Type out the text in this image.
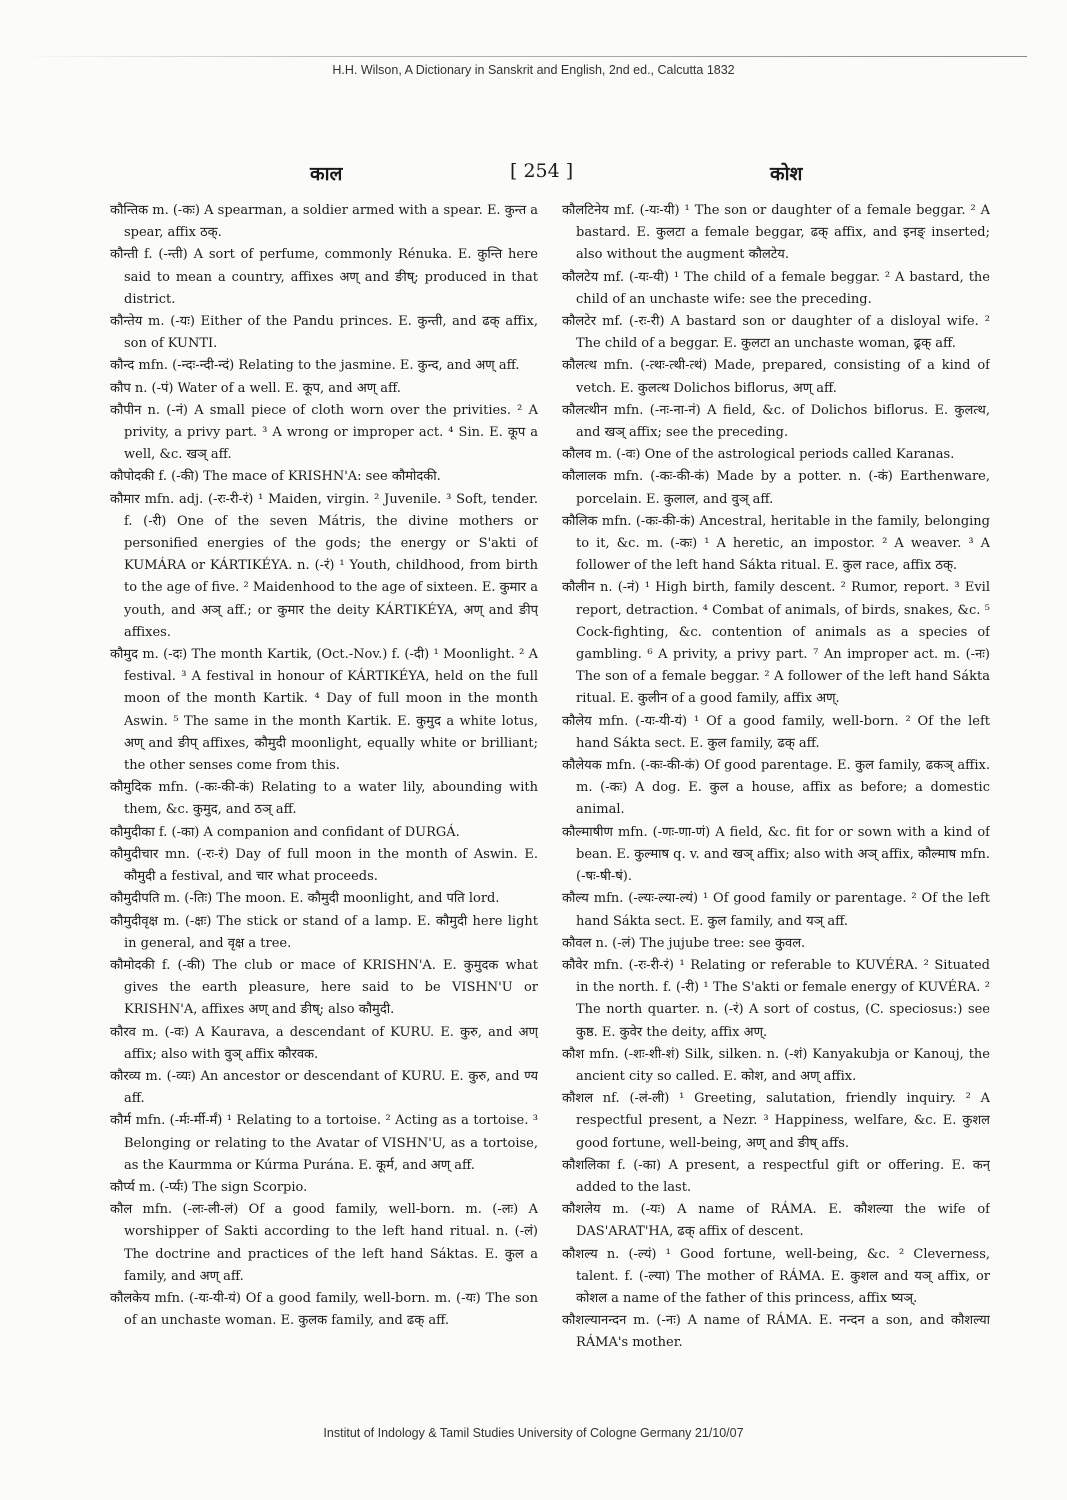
H.H. Wilson, A Dictionary in Sanskrit and English, 2nd ed., Calcutta 1832
काल	[ 254 ]	कोश

कौन्तिक m. (-कः) A spearman, a soldier armed with a spear. E. कुन्त a spear, affix ठक्.

कौन्ती f. (-न्ती) A sort of perfume, commonly Rénuka. E. कुन्ति here said to mean a country, affixes अण् and ङीष्; produced in that district.

कौन्तेय m. (-यः) Either of the Pandu princes. E. कुन्ती, and ढक् affix, son of KUNTI.

कौन्द mfn. (-न्दः-न्दी-न्दं) Relating to the jasmine. E. कुन्द, and अण् aff.

कौप n. (-पं) Water of a well. E. कूप, and अण् aff.

कौपीन n. (-नं) A small piece of cloth worn over the privities. ² A privity, a privy part. ³ A wrong or improper act. ⁴ Sin. E. कूप a well, &c. खञ् aff.

कौपोदकी f. (-की) The mace of KRISHN'A: see कौमोदकी.

कौमार mfn. adj. (-रः-री-रं) ¹ Maiden, virgin. ² Juvenile. ³ Soft, tender. f. (-री) One of the seven Mátris, the divine mothers or personified energies of the gods; the energy or S'akti of KUMÁRA or KÁRTIKÉYA. n. (-रं) ¹ Youth, childhood, from birth to the age of five. ² Maidenhood to the age of sixteen. E. कुमार a youth, and अञ् aff.; or कुमार the deity KÁRTIKÉYA, अण् and ङीप् affixes.

कौमुद m. (-दः) The month Kartik, (Oct.-Nov.) f. (-दी) ¹ Moonlight. ² A festival. ³ A festival in honour of KÁRTIKÉYA, held on the full moon of the month Kartik. ⁴ Day of full moon in the month Aswin. ⁵ The same in the month Kartik. E. कुमुद a white lotus, अण् and ङीप् affixes, कौमुदी moonlight, equally white or brilliant; the other senses come from this.

कौमुदिक mfn. (-कः-की-कं) Relating to a water lily, abounding with them, &c. कुमुद, and ठञ् aff.

कौमुदीका f. (-का) A companion and confidant of DURGÁ.

कौमुदीचार mn. (-रः-रं) Day of full moon in the month of Aswin. E. कौमुदी a festival, and चार what proceeds.

कौमुदीपति m. (-तिः) The moon. E. कौमुदी moonlight, and पति lord.

कौमुदीवृक्ष m. (-क्षः) The stick or stand of a lamp. E. कौमुदी here light in general, and वृक्ष a tree.

कौमोदकी f. (-की) The club or mace of KRISHN'A. E. कुमुदक what gives the earth pleasure, here said to be VISHN'U or KRISHN'A, affixes अण् and ङीष्; also कौमुदी.

कौरव m. (-वः) A Kaurava, a descendant of KURU. E. कुरु, and अण् affix; also with वुञ् affix कौरवक.

कौरव्य m. (-व्यः) An ancestor or descendant of KURU. E. कुरु, and ण्य aff.

कौर्म mfn. (-र्मः-र्मी-र्मं) ¹ Relating to a tortoise. ² Acting as a tortoise. ³ Belonging or relating to the Avatar of VISHN'U, as a tortoise, as the Kaurmma or Kúrma Purána. E. कूर्म, and अण् aff.

कौर्प्य m. (-र्प्यः) The sign Scorpio.

कौल mfn. (-लः-ली-लं) Of a good family, well-born. m. (-लः) A worshipper of Sakti according to the left hand ritual. n. (-लं) The doctrine and practices of the left hand Sáktas. E. कुल a family, and अण् aff.

कौलकेय mfn. (-यः-यी-यं) Of a good family, well-born. m. (-यः) The son of an unchaste woman. E. कुलक family, and ढक् aff.

कौलटिनेय mf. (-यः-यी) ¹ The son or daughter of a female beggar. ² A bastard. E. कुलटा a female beggar, ढक् affix, and इनङ् inserted; also without the augment कौलटेय.

कौलटेय mf. (-यः-यी) ¹ The child of a female beggar. ² A bastard, the child of an unchaste wife: see the preceding.

कौलटेर mf. (-रः-री) A bastard son or daughter of a disloyal wife. ² The child of a beggar. E. कुलटा an unchaste woman, ढ्रक् aff.

कौलत्थ mfn. (-त्थः-त्थी-त्थं) Made, prepared, consisting of a kind of vetch. E. कुलत्थ Dolichos biflorus, अण् aff.

कौलत्थीन mfn. (-नः-ना-नं) A field, &c. of Dolichos biflorus. E. कुलत्थ, and खञ् affix; see the preceding.

कौलव m. (-वः) One of the astrological periods called Karanas.

कौलालक mfn. (-कः-की-कं) Made by a potter. n. (-कं) Earthenware, porcelain. E. कुलाल, and वुञ् aff.

कौलिक mfn. (-कः-की-कं) Ancestral, heritable in the family, belonging to it, &c. m. (-कः) ¹ A heretic, an impostor. ² A weaver. ³ A follower of the left hand Sákta ritual. E. कुल race, affix ठक्.

कौलीन n. (-नं) ¹ High birth, family descent. ² Rumor, report. ³ Evil report, detraction. ⁴ Combat of animals, of birds, snakes, &c. ⁵ Cock-fighting, &c. contention of animals as a species of gambling. ⁶ A privity, a privy part. ⁷ An improper act. m. (-नः) The son of a female beggar. ² A follower of the left hand Sákta ritual. E. कुलीन of a good family, affix अण्.

कौलेय mfn. (-यः-यी-यं) ¹ Of a good family, well-born. ² Of the left hand Sákta sect. E. कुल family, ढक् aff.

कौलेयक mfn. (-कः-की-कं) Of good parentage. E. कुल family, ढकञ् affix. m. (-कः) A dog. E. कुल a house, affix as before; a domestic animal.

कौल्माषीण mfn. (-णः-णा-णं) A field, &c. fit for or sown with a kind of bean. E. कुल्माष q. v. and खञ् affix; also with अञ् affix, कौल्माष mfn. (-षः-षी-षं).

कौल्य mfn. (-ल्यः-ल्या-ल्यं) ¹ Of good family or parentage. ² Of the left hand Sákta sect. E. कुल family, and यञ् aff.

कौवल n. (-लं) The jujube tree: see कुवल.

कौवेर mfn. (-रः-री-रं) ¹ Relating or referable to KUVÉRA. ² Situated in the north. f. (-री) ¹ The S'akti or female energy of KUVÉRA. ² The north quarter. n. (-रं) A sort of costus, (C. speciosus:) see कुष्ठ. E. कुवेर the deity, affix अण्.

कौश mfn. (-शः-शी-शं) Silk, silken. n. (-शं) Kanyakubja or Kanouj, the ancient city so called. E. कोश, and अण् affix.

कौशल nf. (-लं-ली) ¹ Greeting, salutation, friendly inquiry. ² A respectful present, a Nezr. ³ Happiness, welfare, &c. E. कुशल good fortune, well-being, अण् and ङीष् affs.

कौशलिका f. (-का) A present, a respectful gift or offering. E. कन् added to the last.

कौशलेय m. (-यः) A name of RÁMA. E. कौशल्या the wife of DAS'ARAT'HA, ढक् affix of descent.

कौशल्य n. (-ल्यं) ¹ Good fortune, well-being, &c. ² Cleverness, talent. f. (-ल्या) The mother of RÁMA. E. कुशल and यञ् affix, or कोशल a name of the father of this princess, affix ष्यञ्.

कौशल्यानन्दन m. (-नः) A name of RÁMA. E. नन्दन a son, and कौशल्या RÁMA's mother.

Institut of Indology & Tamil Studies University of Cologne Germany 21/10/07
